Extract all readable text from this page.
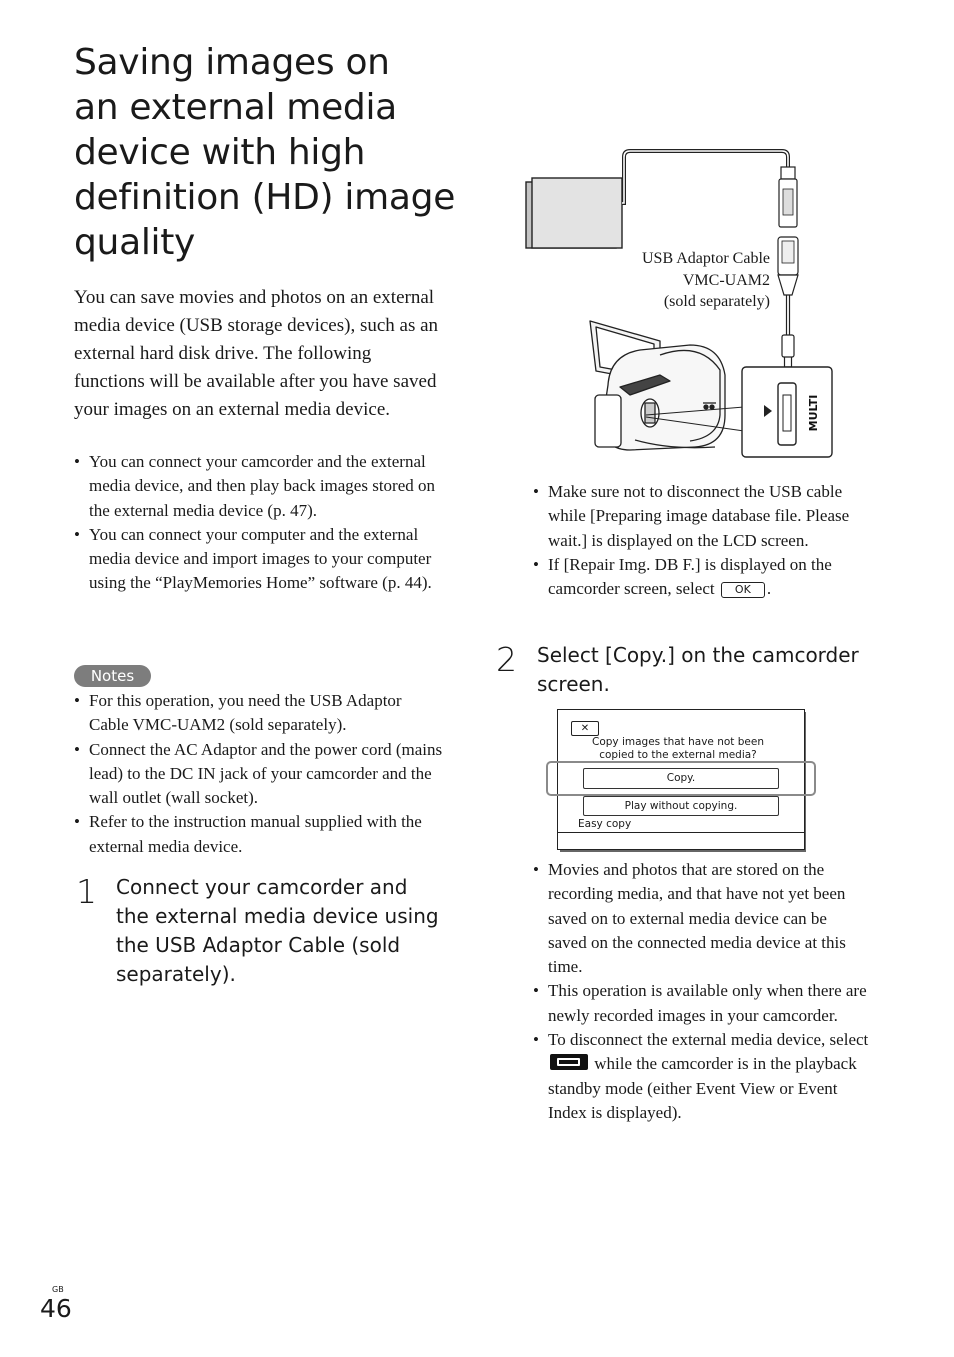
Saving images on
an external media
device with high
definition (HD) image
quality

You can save movies and photos on an external media device (USB storage devices), such as an external hard disk drive. The following functions will be available after you have saved your images on an external media device.

• You can connect your camcorder and the external media device, and then play back images stored on the external media device (p. 47).
• You can connect your computer and the external media device and import images to your computer using the “PlayMemories Home” software (p. 44).
Notes
• For this operation, you need the USB Adaptor Cable VMC-UAM2 (sold separately).
• Connect the AC Adaptor and the power cord (mains lead) to the DC IN jack of your camcorder and the wall outlet (wall socket).
• Refer to the instruction manual supplied with the external media device.
1 Connect your camcorder and the external media device using the USB Adaptor Cable (sold separately).
MULTI
USB Adaptor Cable
VMC-UAM2
(sold separately)
• Make sure not to disconnect the USB cable while [Preparing image database file. Please wait.] is displayed on the LCD screen.
• If [Repair Img. DB F.] is displayed on the camcorder screen, select OK .
2 Select [Copy.] on the camcorder screen.
✕
Copy images that have not been
copied to the external media?
Copy.
Play without copying.
Easy copy
• Movies and photos that are stored on the recording media, and that have not yet been saved on to external media device can be saved on the connected media device at this time.
• This operation is available only when there are newly recorded images in your camcorder.
• To disconnect the external media device, select  while the camcorder is in the playback standby mode (either Event View or Event Index is displayed).
GB
46
